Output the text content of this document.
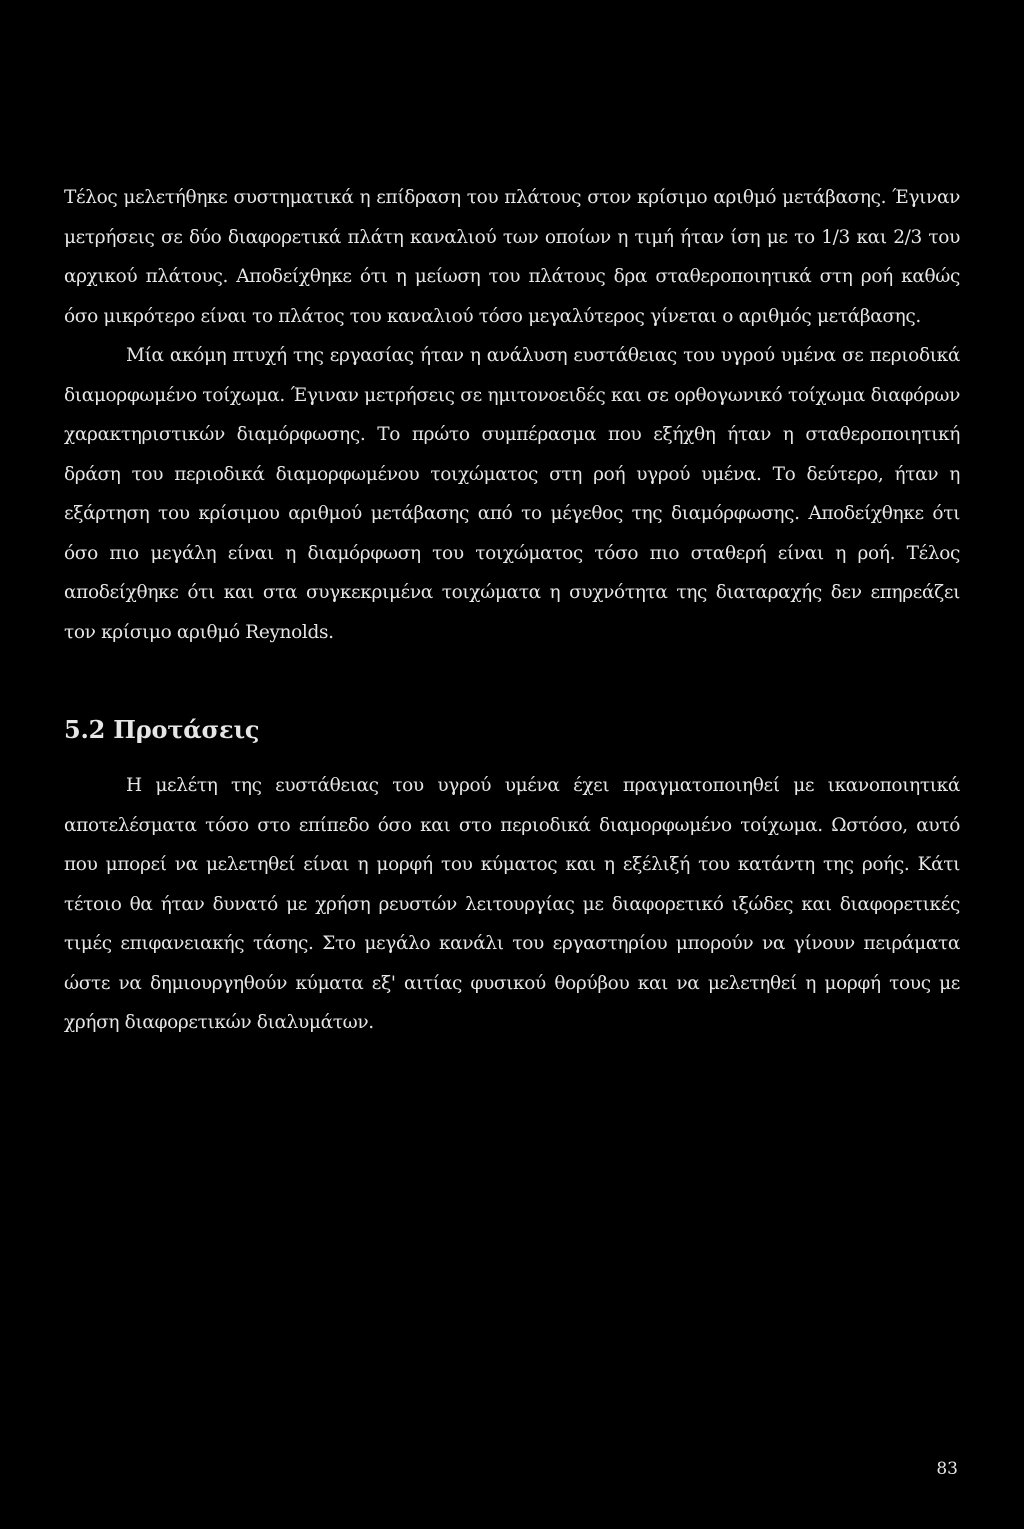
Τέλος μελετήθηκε συστηματικά η επίδραση του πλάτους στον κρίσιμο αριθμό μετάβασης. Έγιναν μετρήσεις σε δύο διαφορετικά πλάτη καναλιού των οποίων η τιμή ήταν ίση με το 1/3 και 2/3 του αρχικού πλάτους. Αποδείχθηκε ότι η μείωση του πλάτους δρα σταθεροποιητικά στη ροή καθώς όσο μικρότερο είναι το πλάτος του καναλιού τόσο μεγαλύτερος γίνεται ο αριθμός μετάβασης.

Μία ακόμη πτυχή της εργασίας ήταν η ανάλυση ευστάθειας του υγρού υμένα σε περιοδικά διαμορφωμένο τοίχωμα. Έγιναν μετρήσεις σε ημιτονοειδές και σε ορθογωνικό τοίχωμα διαφόρων χαρακτηριστικών διαμόρφωσης. Το πρώτο συμπέρασμα που εξήχθη ήταν η σταθεροποιητική δράση του περιοδικά διαμορφωμένου τοιχώματος στη ροή υγρού υμένα. Το δεύτερο, ήταν η εξάρτηση του κρίσιμου αριθμού μετάβασης από το μέγεθος της διαμόρφωσης. Αποδείχθηκε ότι όσο πιο μεγάλη είναι η διαμόρφωση του τοιχώματος τόσο πιο σταθερή είναι η ροή. Τέλος αποδείχθηκε ότι και στα συγκεκριμένα τοιχώματα η συχνότητα της διαταραχής δεν επηρεάζει τον κρίσιμο αριθμό Reynolds.

5.2 Προτάσεις

Η μελέτη της ευστάθειας του υγρού υμένα έχει πραγματοποιηθεί με ικανοποιητικά αποτελέσματα τόσο στο επίπεδο όσο και στο περιοδικά διαμορφωμένο τοίχωμα. Ωστόσο, αυτό που μπορεί να μελετηθεί είναι η μορφή του κύματος και η εξέλιξή του κατάντη της ροής. Κάτι τέτοιο θα ήταν δυνατό με χρήση ρευστών λειτουργίας με διαφορετικό ιξώδες και διαφορετικές τιμές επιφανειακής τάσης. Στο μεγάλο κανάλι του εργαστηρίου μπορούν να γίνουν πειράματα ώστε να δημιουργηθούν κύματα εξ' αιτίας φυσικού θορύβου και να μελετηθεί η μορφή τους με χρήση διαφορετικών διαλυμάτων.

83
